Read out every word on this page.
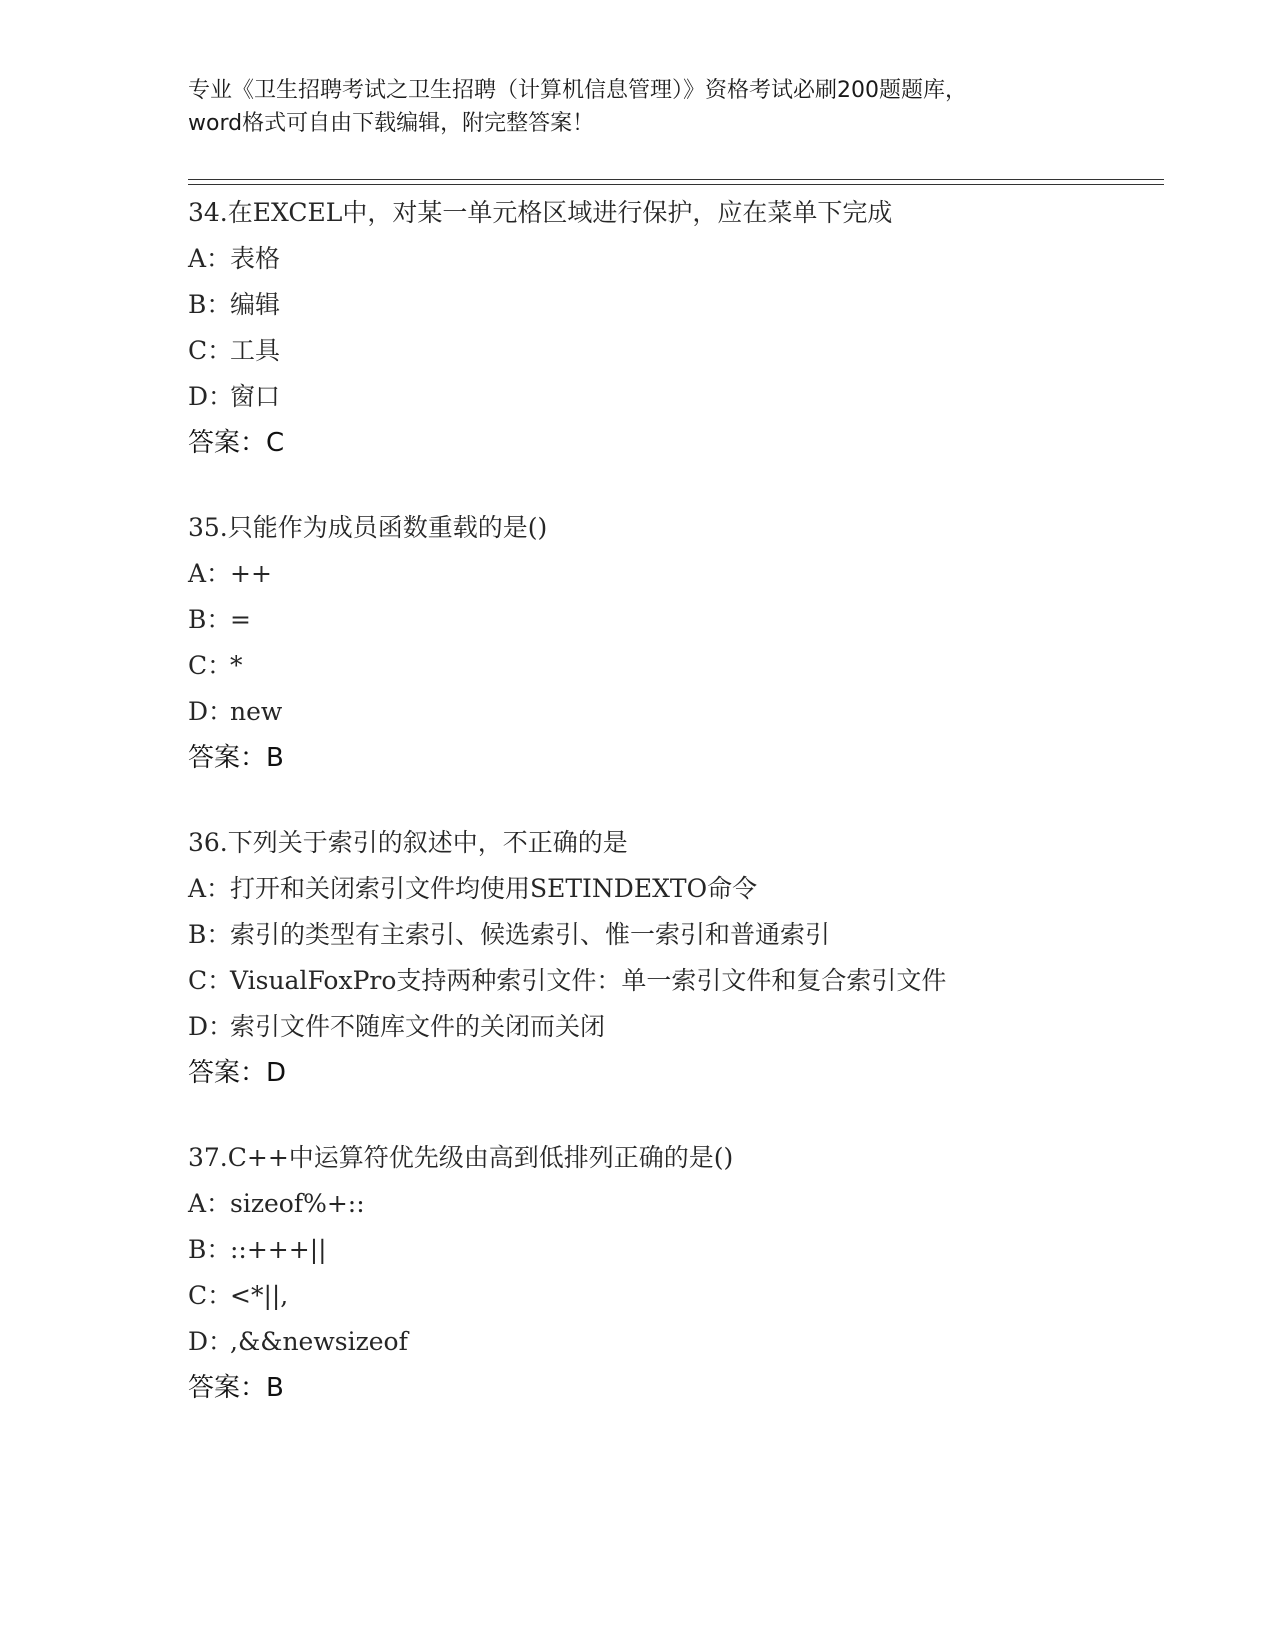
专业《卫生招聘考试之卫生招聘（计算机信息管理）》资格考试必刷200题题库，
word格式可自由下载编辑，附完整答案！
34.在EXCEL中，对某一单元格区域进行保护，应在菜单下完成
A：表格
B：编辑
C：工具
D：窗口
答案：C
35.只能作为成员函数重载的是()
A：++
B：=
C：*
D：new
答案：B
36.下列关于索引的叙述中，不正确的是
A：打开和关闭索引文件均使用SETINDEXTO命令
B：索引的类型有主索引、候选索引、惟一索引和普通索引
C：VisualFoxPro支持两种索引文件：单一索引文件和复合索引文件
D：索引文件不随库文件的关闭而关闭
答案：D
37.C++中运算符优先级由高到低排列正确的是()
A：sizeof%+::
B：::+++||
C：<*||,
D：,&&newsizeof
答案：B
